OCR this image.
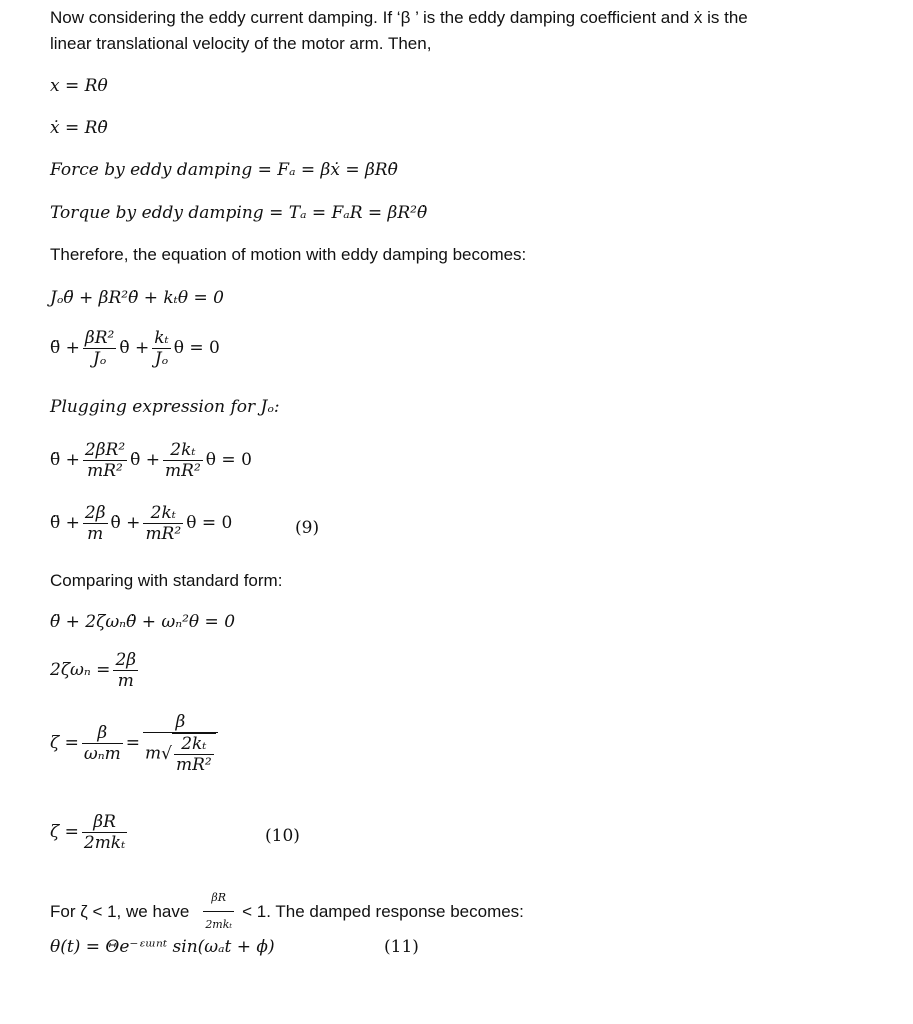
Now considering the eddy current damping. If ‘β ’ is the eddy damping coefficient and ẋ is the
linear translational velocity of the motor arm. Then,
x = Rθ
ẋ = Rθ̇
Force by eddy damping = Fₐ = βẋ = βRθ̇
Torque by eddy damping = Tₐ = FₐR = βR²θ̇
Therefore, the equation of motion with eddy damping becomes:
Jₒθ̈ + βR²θ̇ + kₜθ = 0
θ̈ + $\frac{\text{βR²}}{\text{Jₒ}}$ θ̇ + $\frac{\text{kₜ}}{\text{Jₒ}}$ θ = 0
Plugging expression for Jₒ:
θ̈ + $\frac{\text{2βR²}}{\text{mR²}}$ θ̇ + $\frac{\text{2kₜ}}{\text{mR²}}$ θ = 0
θ̈ + $\frac{2\beta}{m}$ θ̇ + $\frac{\text{2kₜ}}{\text{mR²}}$ θ = 0	(9)
Comparing with standard form:
θ̈ + 2ζωₙθ̇ + ωₙ²θ = 0
$2\zeta\omega_n = \frac{2\beta}{m}$
$\zeta = \frac{\beta}{\text{ωₙm}} = \frac{\beta}{m√ \frac{\text{2kₜ}}{\text{mR²}}}$
$\zeta = \frac{\beta R}{\text{2mkₜ}}$	(10)
For ζ < 1, we have $\frac{\beta R}{\text{2mkₜ}} < 1$. The damped response becomes:
θ(t) = Θe⁻ᵋᵚⁿᵗ sin(ωₐt + ϕ)	(11)
